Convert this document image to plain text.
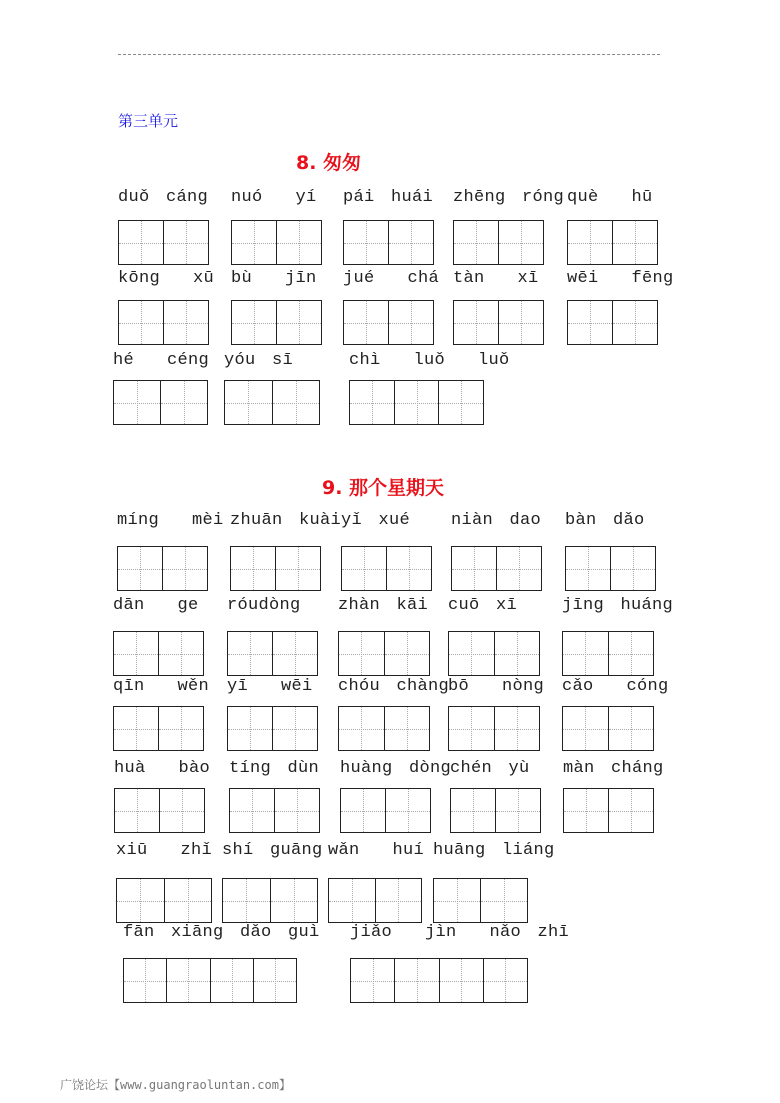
第三单元
8. 匆匆
9. 那个星期天
duǒ cáng nuó  yí pái huái zhēng róng què  hū
kōng  xū bù  jīn jué  chá tàn  xī wēi  fēng
hé  céng yóu sī	chì  luǒ  luǒ
míng  mèi zhuān kuài yǐ xué niàn dao bàn dǎo
dān  ge róudòng zhàn kāi cuō xī	jīng huáng
qīn  wěn yī  wēi chóu chàng
bō  nòng cǎo  cóng
huà  bào tíng dùn huàng dòng
chén yù màn cháng
xiū  zhǐ shí guāng wǎn  huí huāng liáng
fān xiāng dǎo guì jiǎo  jìn  nǎo zhī
广饶论坛【www.guangraoluntan.com】
